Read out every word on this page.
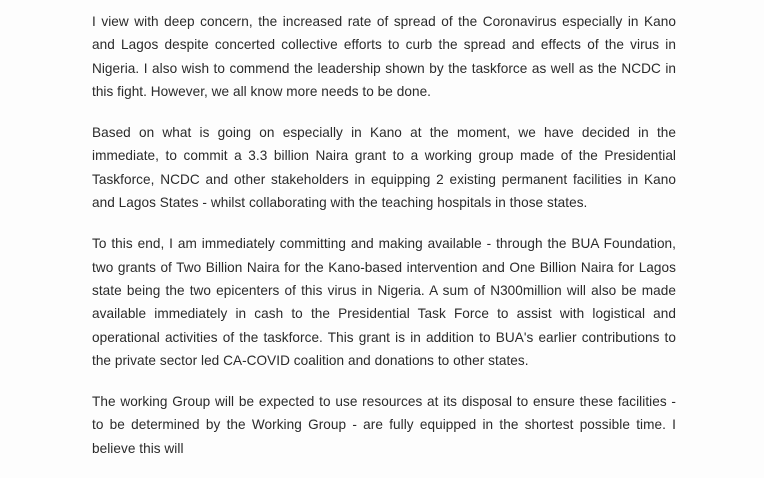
I view with deep concern, the increased rate of spread of the Coronavirus especially in Kano and Lagos despite concerted collective efforts to curb the spread and effects of the virus in Nigeria. I also wish to commend the leadership shown by the taskforce as well as the NCDC in this fight. However, we all know more needs to be done.

Based on what is going on especially in Kano at the moment, we have decided in the immediate, to commit a 3.3 billion Naira grant to a working group made of the Presidential Taskforce, NCDC and other stakeholders in equipping 2 existing permanent facilities in Kano and Lagos States - whilst collaborating with the teaching hospitals in those states.

To this end, I am immediately committing and making available - through the BUA Foundation, two grants of Two Billion Naira for the Kano-based intervention and One Billion Naira for Lagos state being the two epicenters of this virus in Nigeria. A sum of N300million will also be made available immediately in cash to the Presidential Task Force to assist with logistical and operational activities of the taskforce. This grant is in addition to BUA's earlier contributions to the private sector led CA-COVID coalition and donations to other states.

The working Group will be expected to use resources at its disposal to ensure these facilities - to be determined by the Working Group - are fully equipped in the shortest possible time. I believe this will
